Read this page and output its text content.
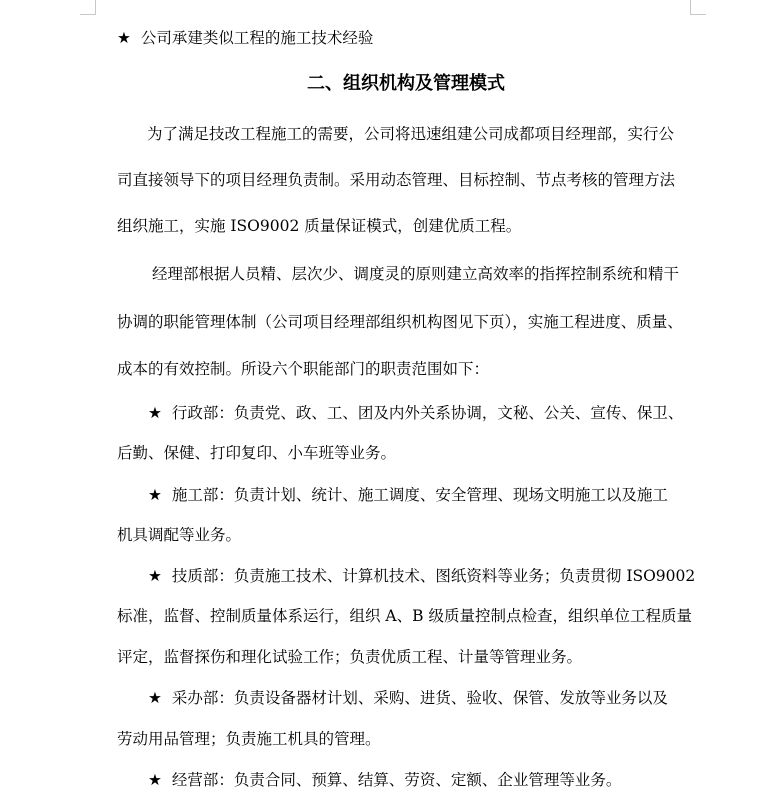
★ 公司承建类似工程的施工技术经验
二、组织机构及管理模式
为了满足技改工程施工的需要，公司将迅速组建公司成都项目经理部，实行公
司直接领导下的项目经理负责制。采用动态管理、目标控制、节点考核的管理方法
组织施工，实施 ISO9002 质量保证模式，创建优质工程。
经理部根据人员精、层次少、调度灵的原则建立高效率的指挥控制系统和精干
协调的职能管理体制（公司项目经理部组织机构图见下页），实施工程进度、质量、
成本的有效控制。所设六个职能部门的职责范围如下：
★ 行政部：负责党、政、工、团及内外关系协调，文秘、公关、宣传、保卫、
后勤、保健、打印复印、小车班等业务。
★ 施工部：负责计划、统计、施工调度、安全管理、现场文明施工以及施工
机具调配等业务。
★ 技质部：负责施工技术、计算机技术、图纸资料等业务；负责贯彻 ISO9002
标准，监督、控制质量体系运行，组织 A、B 级质量控制点检查，组织单位工程质量
评定，监督探伤和理化试验工作；负责优质工程、计量等管理业务。
★ 采办部：负责设备器材计划、采购、进货、验收、保管、发放等业务以及
劳动用品管理；负责施工机具的管理。
★ 经营部：负责合同、预算、结算、劳资、定额、企业管理等业务。
